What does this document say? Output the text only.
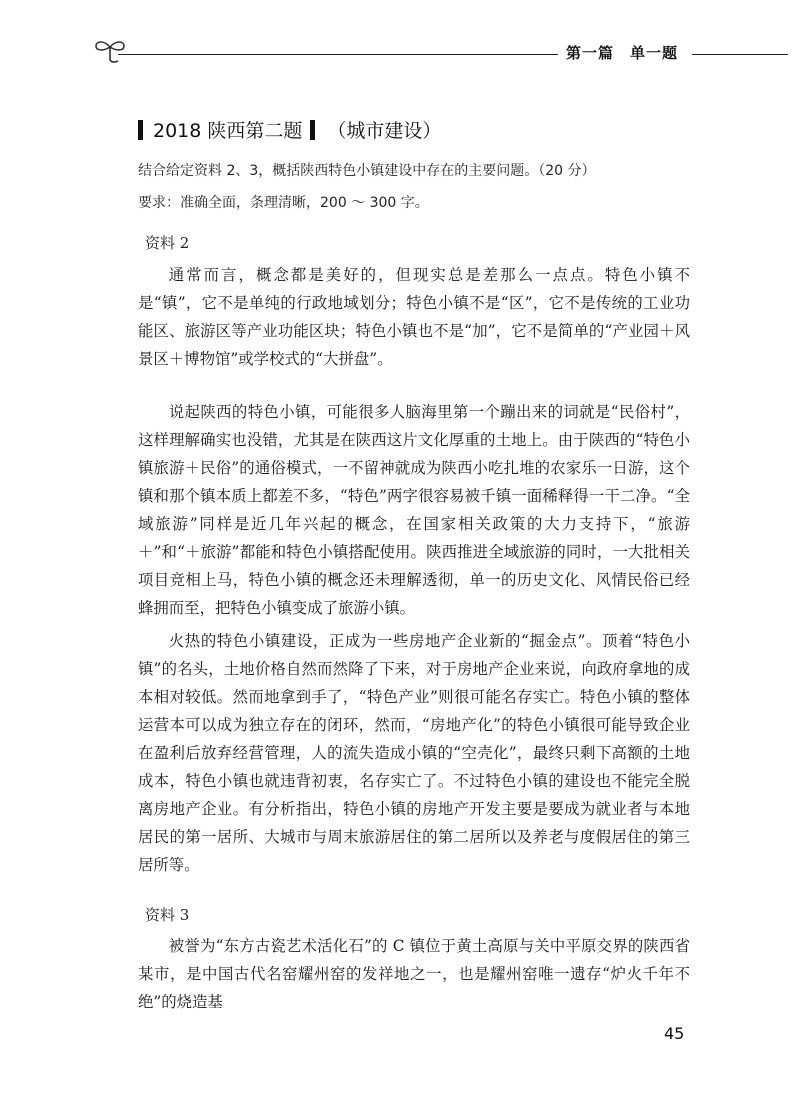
第一篇　单一题
2018 陕西第二题 （城市建设）
结合给定资料 2、3，概括陕西特色小镇建设中存在的主要问题。（20 分）
要求：准确全面，条理清晰，200 ～ 300 字。
资料 2

通常而言，概念都是美好的，但现实总是差那么一点点。特色小镇不是“镇”，它不是单纯的行政地域划分；特色小镇不是“区”，它不是传统的工业功能区、旅游区等产业功能区块；特色小镇也不是“加”，它不是简单的“产业园＋风景区＋博物馆”或学校式的“大拼盘”。

说起陕西的特色小镇，可能很多人脑海里第一个蹦出来的词就是“民俗村”，这样理解确实也没错，尤其是在陕西这片文化厚重的土地上。由于陕西的“特色小镇旅游＋民俗”的通俗模式，一不留神就成为陕西小吃扎堆的农家乐一日游，这个镇和那个镇本质上都差不多，“特色”两字很容易被千镇一面稀释得一干二净。“全域旅游”同样是近几年兴起的概念，在国家相关政策的大力支持下，“旅游＋”和“＋旅游”都能和特色小镇搭配使用。陕西推进全域旅游的同时，一大批相关项目竞相上马，特色小镇的概念还未理解透彻，单一的历史文化、风情民俗已经蜂拥而至，把特色小镇变成了旅游小镇。

火热的特色小镇建设，正成为一些房地产企业新的“掘金点”。顶着“特色小镇”的名头，土地价格自然而然降了下来，对于房地产企业来说，向政府拿地的成本相对较低。然而地拿到手了，“特色产业”则很可能名存实亡。特色小镇的整体运营本可以成为独立存在的闭环，然而，“房地产化”的特色小镇很可能导致企业在盈利后放弃经营管理，人的流失造成小镇的“空壳化”，最终只剩下高额的土地成本，特色小镇也就违背初衷，名存实亡了。不过特色小镇的建设也不能完全脱离房地产企业。有分析指出，特色小镇的房地产开发主要是要成为就业者与本地居民的第一居所、大城市与周末旅游居住的第二居所以及养老与度假居住的第三居所等。

资料 3

被誉为“东方古瓷艺术活化石”的 C 镇位于黄土高原与关中平原交界的陕西省某市，是中国古代名窑耀州窑的发祥地之一，也是耀州窑唯一遗存“炉火千年不绝”的烧造基

45
